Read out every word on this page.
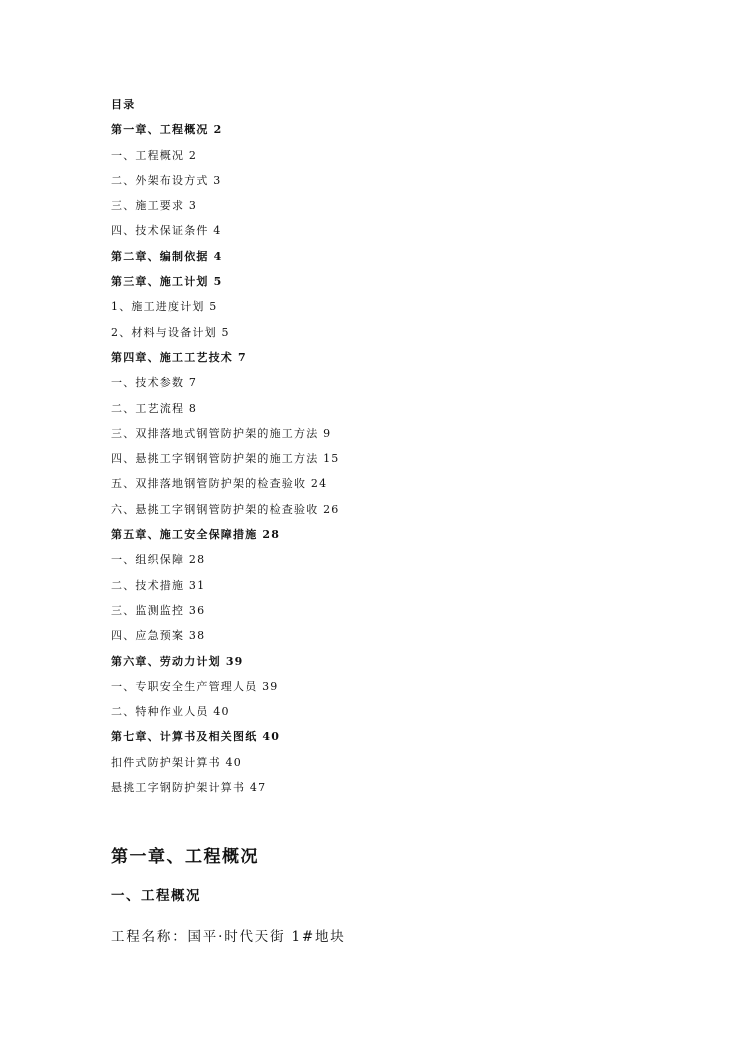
目录
第一章、工程概况 2
一、工程概况 2
二、外架布设方式 3
三、施工要求 3
四、技术保证条件 4
第二章、编制依据 4
第三章、施工计划 5
1、施工进度计划 5
2、材料与设备计划 5
第四章、施工工艺技术 7
一、技术参数 7
二、工艺流程 8
三、双排落地式钢管防护架的施工方法 9
四、悬挑工字钢钢管防护架的施工方法 15
五、双排落地钢管防护架的检查验收 24
六、悬挑工字钢钢管防护架的检查验收 26
第五章、施工安全保障措施 28
一、组织保障 28
二、技术措施 31
三、监测监控 36
四、应急预案 38
第六章、劳动力计划 39
一、专职安全生产管理人员 39
二、特种作业人员 40
第七章、计算书及相关图纸 40
扣件式防护架计算书 40
悬挑工字钢防护架计算书 47
第一章、工程概况
一、工程概况
工程名称：国平·时代天街 1#地块
